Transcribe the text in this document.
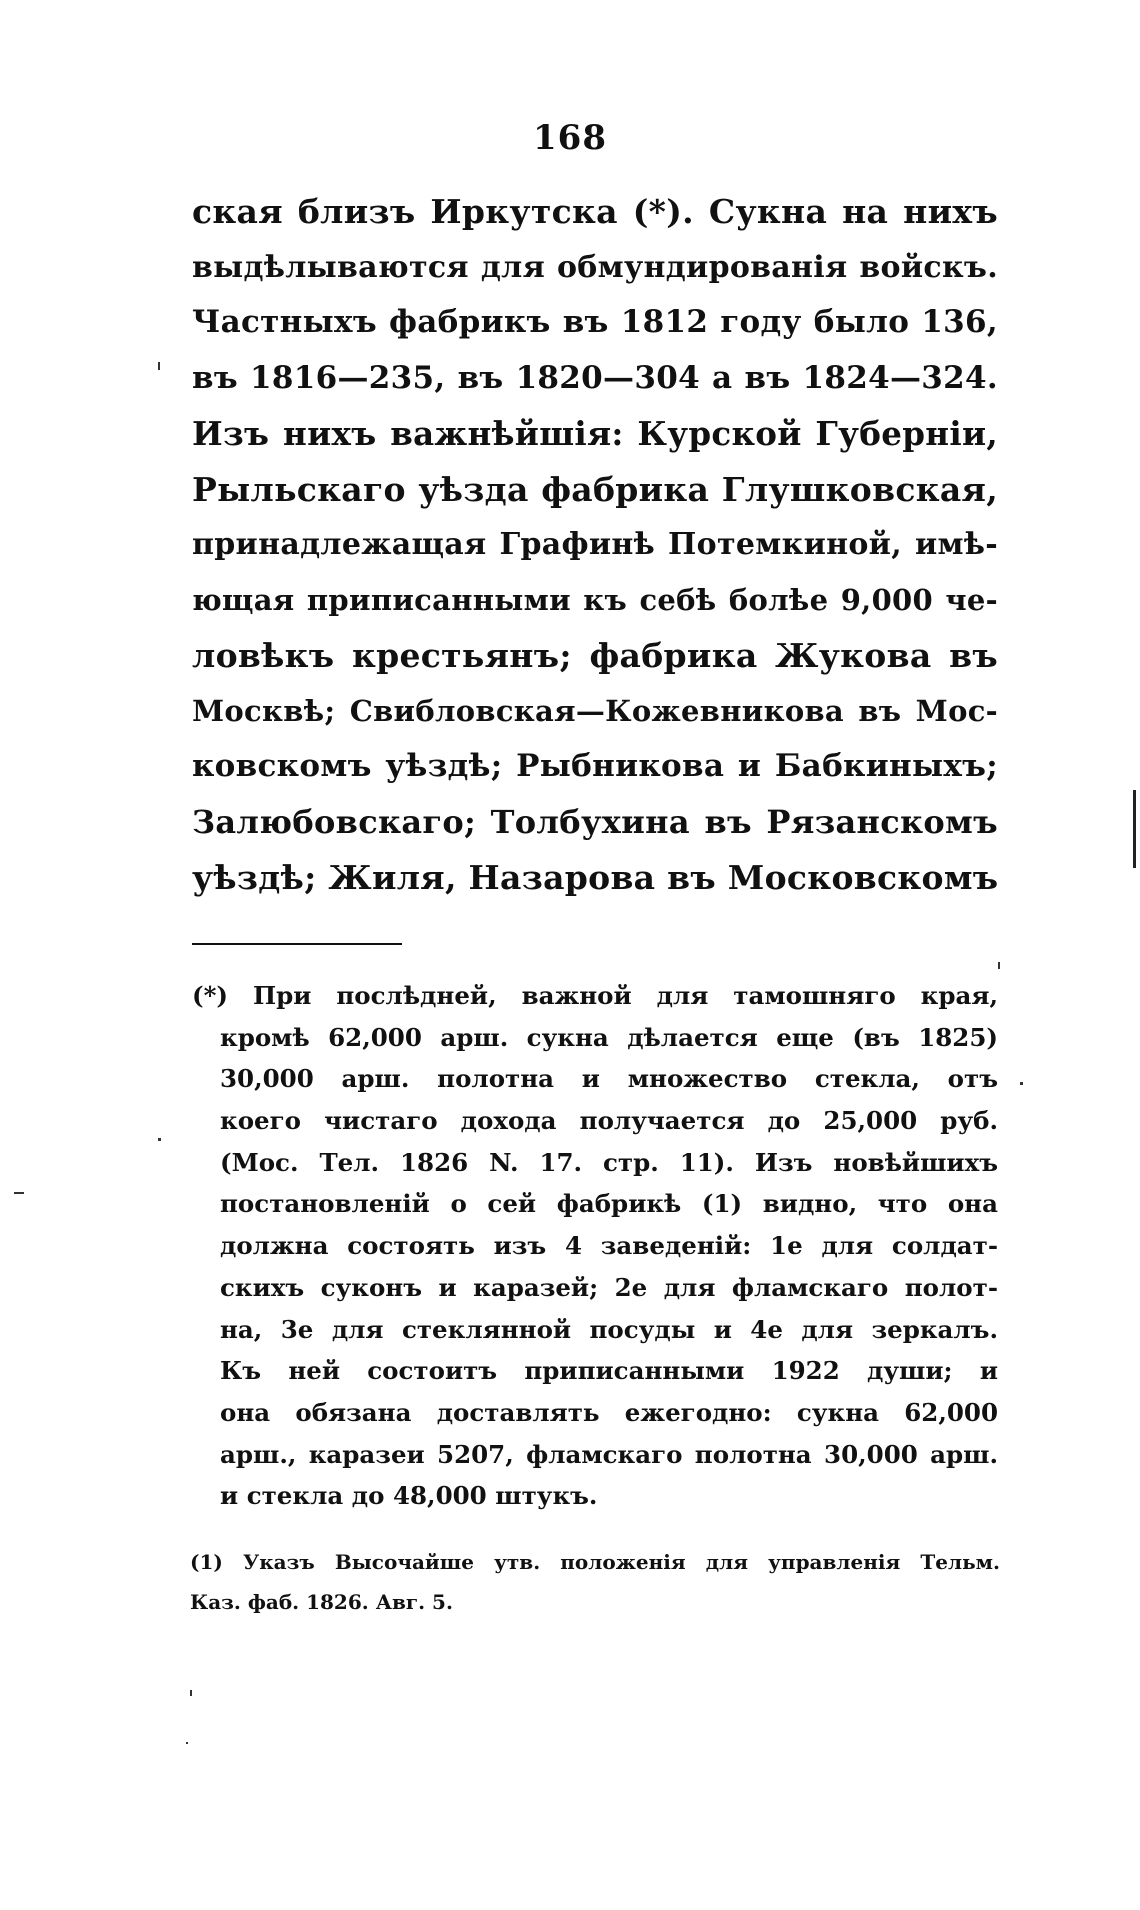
168
ская близъ Иркутска (*). Сукна на нихъ
выдѣлываются для обмундированія войскъ.
Частныхъ фабрикъ въ 1812 году было 136,
въ 1816—235, въ 1820—304 а въ 1824—324.
Изъ нихъ важнѣйшія: Курской Губерніи,
Рыльскаго уѣзда фабрика Глушковская,
принадлежащая Графинѣ Потемкиной, имѣ-
ющая приписанными къ себѣ болѣе 9,000 че-
ловѣкъ крестьянъ; фабрика Жукова въ
Москвѣ; Свибловская—Кожевникова въ Мос-
ковскомъ уѣздѣ; Рыбникова и Бабкиныхъ;
Залюбовскаго; Толбухина въ Рязанскомъ
уѣздѣ; Жиля, Назарова въ Московскомъ
(*) При послѣдней, важной для тамошняго края,
кромѣ 62,000 арш. сукна дѣлается еще (въ 1825)
30,000 арш. полотна и множество стекла, отъ
коего чистаго дохода получается до 25,000 руб.
(Мос. Тел. 1826 N. 17. стр. 11). Изъ новѣйшихъ
постановленій о сей фабрикѣ (1) видно, что она
должна состоять изъ 4 заведеній: 1е для солдат-
скихъ суконъ и каразей; 2е для фламскаго полот-
на, 3е для стеклянной посуды и 4е для зеркалъ.
Къ ней состоитъ приписанными 1922 души; и
она обязана доставлять ежегодно: сукна 62,000
арш., каразеи 5207, фламскаго полотна 30,000 арш.
и стекла до 48,000 штукъ.
(1) Указъ Высочайше утв. положенія для управленія Тельм.
Каз. фаб. 1826. Авг. 5.
